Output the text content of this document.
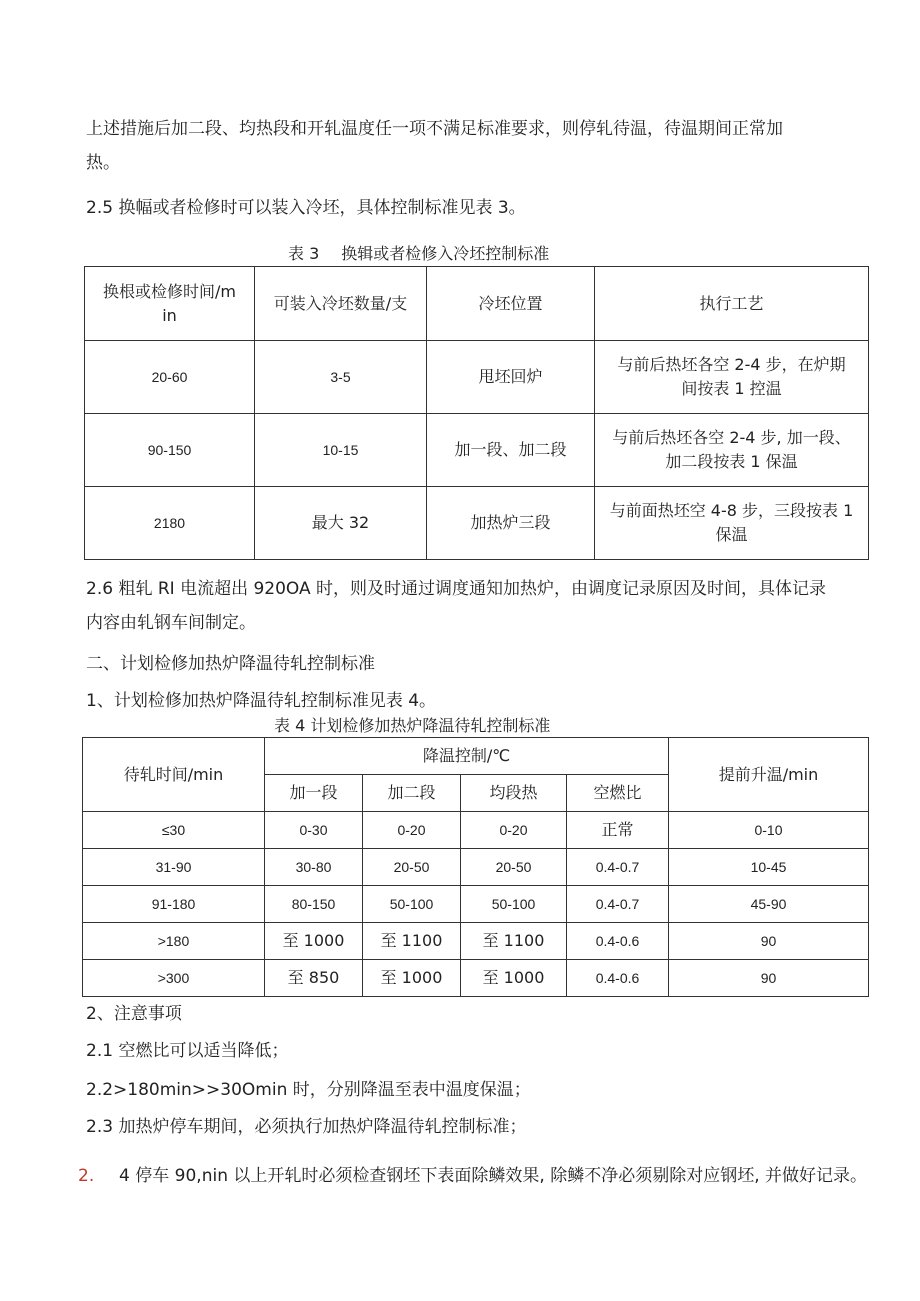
上述措施后加二段、均热段和开轧温度任一项不满足标准要求，则停轧待温，待温期间正常加
热。
2.5 换幅或者检修时可以装入冷坯，具体控制标准见表 3。
表 3 换辑或者检修入冷坯控制标准
换根或检修时间/m
in	可装入冷坯数量/支	冷坯位置	执行工艺
20-60	3-5	甩坯回炉	与前后热坯各空 2-4 步，在炉期
间按表 1 控温
90-150	10-15	加一段、加二段	与前后热坯各空 2-4 步, 加一段、
加二段按表 1 保温
2180	最大 32	加热炉三段	与前面热坯空 4-8 步，三段按表 1
保温
2.6 粗轧 RI 电流超出 920OA 时，则及时通过调度通知加热炉，由调度记录原因及时间，具体记录
内容由轧钢车间制定。
二、计划检修加热炉降温待轧控制标准
1、计划检修加热炉降温待轧控制标准见表 4。
表 4 计划检修加热炉降温待轧控制标准
待轧时间/min	降温控制/℃				提前升温/min
	加一段	加二段	均段热	空燃比	
≤30	0-30	0-20	0-20	正常	0-10
31-90	30-80	20-50	20-50	0.4-0.7	10-45
91-180	80-150	50-100	50-100	0.4-0.7	45-90
>180	至 1000	至 1100	至 1100	0.4-0.6	90
>300	至 850	至 1000	至 1000	0.4-0.6	90
2、注意事项
2.1 空燃比可以适当降低；
2.2>180min>>30Omin 时，分别降温至表中温度保温；
2.3 加热炉停车期间，必须执行加热炉降温待轧控制标准；
2. 4 停车 90,nin 以上开轧时必须检查钢坯下表面除鳞效果, 除鳞不净必须剔除对应钢坯, 并做好记录。
